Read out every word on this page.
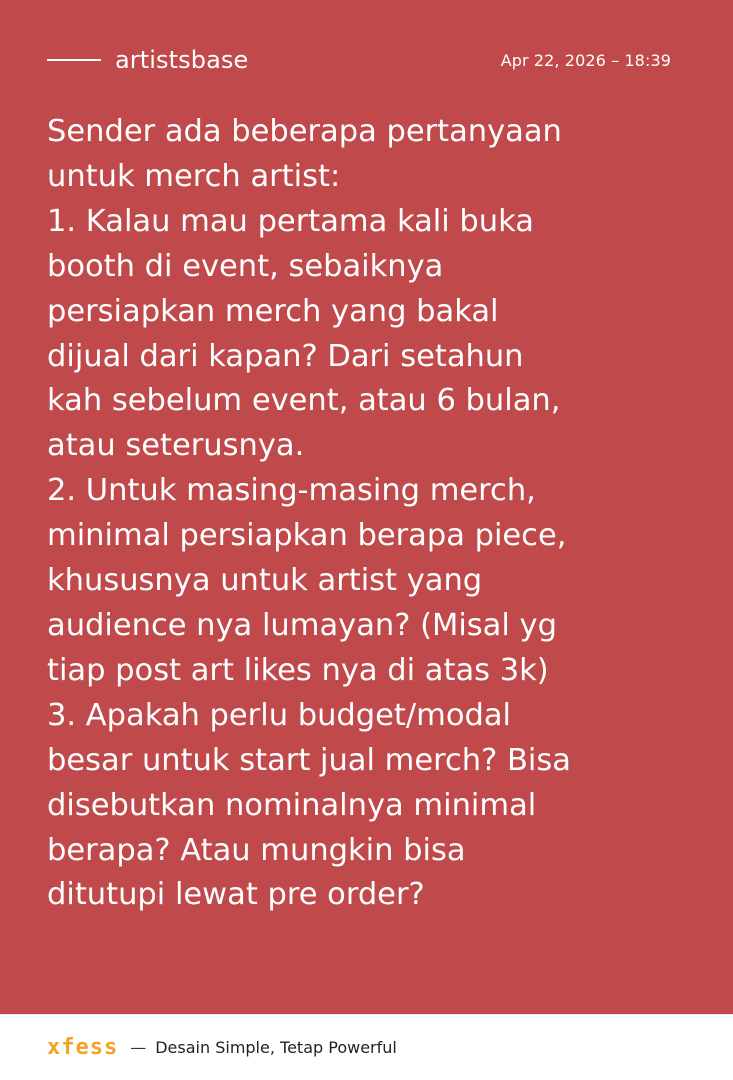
artistsbase	Apr 22, 2026 – 18:39

Sender ada beberapa pertanyaan
untuk merch artist:
1. Kalau mau pertama kali buka
booth di event, sebaiknya
persiapkan merch yang bakal
dijual dari kapan? Dari setahun
kah sebelum event, atau 6 bulan,
atau seterusnya.
2. Untuk masing-masing merch,
minimal persiapkan berapa piece,
khususnya untuk artist yang
audience nya lumayan? (Misal yg
tiap post art likes nya di atas 3k)
3. Apakah perlu budget/modal
besar untuk start jual merch? Bisa
disebutkan nominalnya minimal
berapa? Atau mungkin bisa
ditutupi lewat pre order?

xfess — Desain Simple, Tetap Powerful
